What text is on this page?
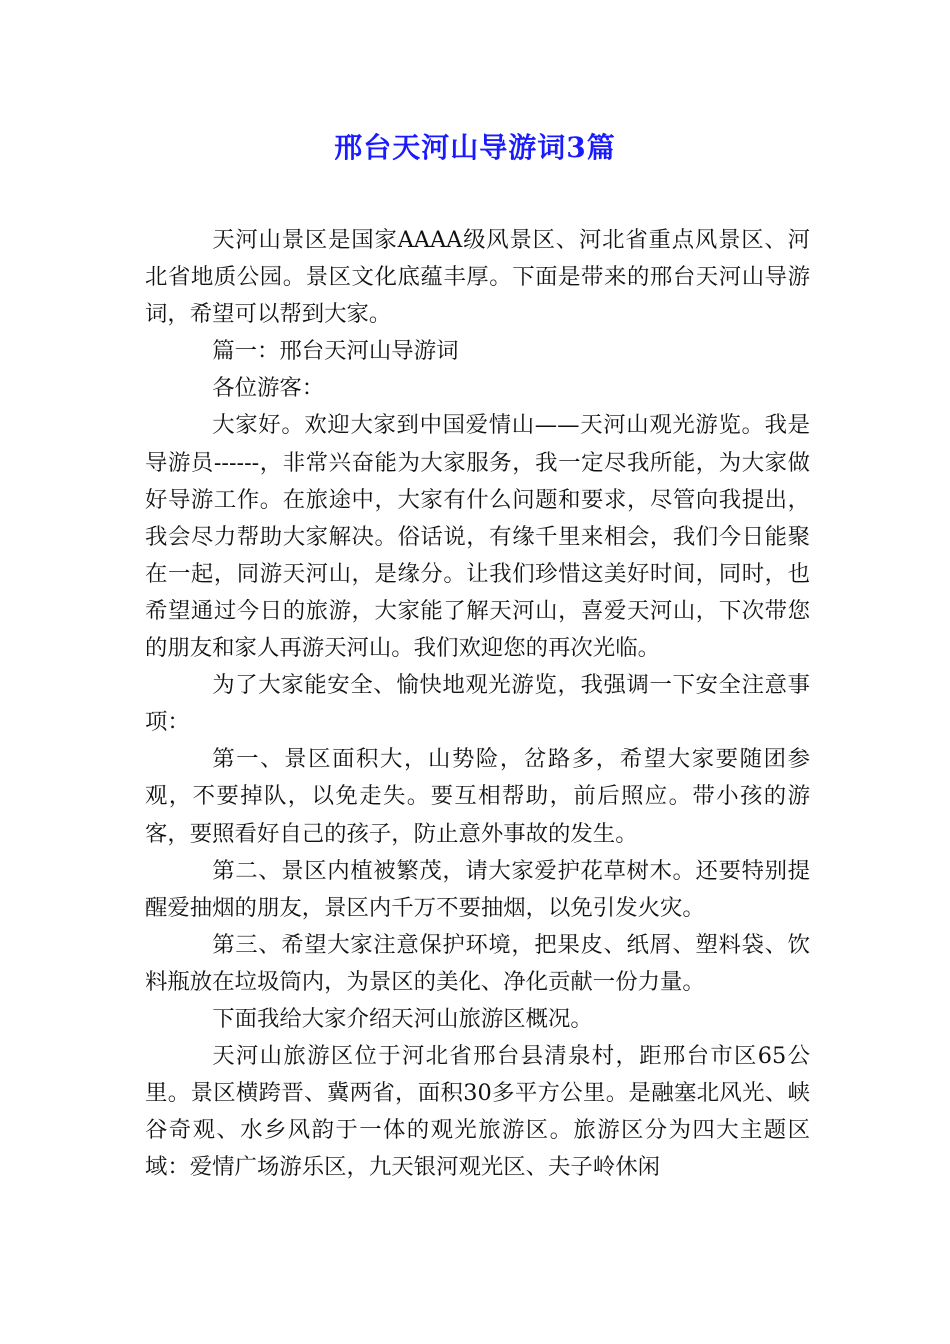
邢台天河山导游词3篇

天河山景区是国家AAAA级风景区、河北省重点风景区、河北省地质公园。景区文化底蕴丰厚。下面是带来的邢台天河山导游词，希望可以帮到大家。

篇一：邢台天河山导游词

各位游客：

大家好。欢迎大家到中国爱情山——天河山观光游览。我是导游员------，非常兴奋能为大家服务，我一定尽我所能，为大家做好导游工作。在旅途中，大家有什么问题和要求，尽管向我提出，我会尽力帮助大家解决。俗话说，有缘千里来相会，我们今日能聚在一起，同游天河山，是缘分。让我们珍惜这美好时间，同时，也希望通过今日的旅游，大家能了解天河山，喜爱天河山，下次带您的朋友和家人再游天河山。我们欢迎您的再次光临。

为了大家能安全、愉快地观光游览，我强调一下安全注意事项：

第一、景区面积大，山势险，岔路多，希望大家要随团参观，不要掉队，以免走失。要互相帮助，前后照应。带小孩的游客，要照看好自己的孩子，防止意外事故的发生。

第二、景区内植被繁茂，请大家爱护花草树木。还要特别提醒爱抽烟的朋友，景区内千万不要抽烟，以免引发火灾。

第三、希望大家注意保护环境，把果皮、纸屑、塑料袋、饮料瓶放在垃圾筒内，为景区的美化、净化贡献一份力量。

下面我给大家介绍天河山旅游区概况。

天河山旅游区位于河北省邢台县清泉村，距邢台市区65公里。景区横跨晋、冀两省，面积30多平方公里。是融塞北风光、峡谷奇观、水乡风韵于一体的观光旅游区。旅游区分为四大主题区域：爱情广场游乐区，九天银河观光区、夫子岭休闲
